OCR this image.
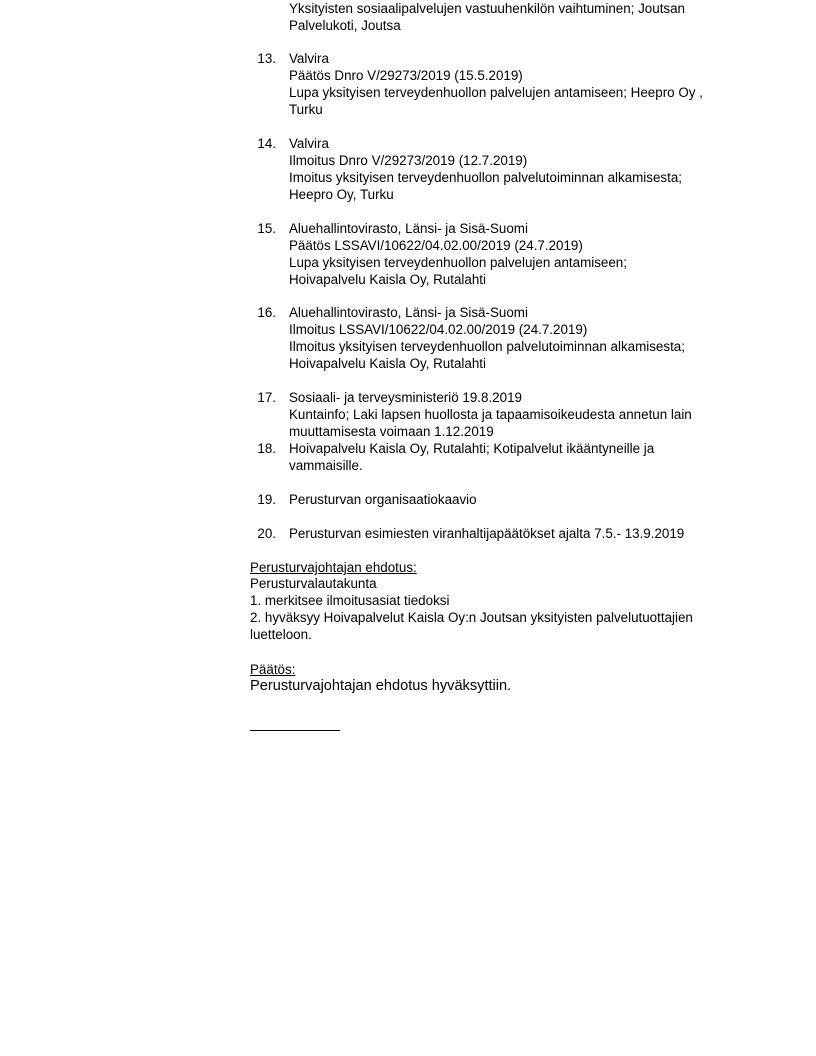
Yksityisten sosiaalipalvelujen vastuuhenkilön vaihtuminen; Joutsan
Palvelukoti, Joutsa
13. Valvira
Päätös Dnro V/29273/2019 (15.5.2019)
Lupa yksityisen terveydenhuollon palvelujen antamiseen; Heepro Oy ,
Turku
14. Valvira
Ilmoitus Dnro V/29273/2019 (12.7.2019)
Imoitus yksityisen terveydenhuollon palvelutoiminnan alkamisesta;
Heepro Oy, Turku
15. Aluehallintovirasto, Länsi- ja Sisä-Suomi
Päätös LSSAVI/10622/04.02.00/2019 (24.7.2019)
Lupa yksityisen terveydenhuollon palvelujen antamiseen;
Hoivapalvelu Kaisla Oy, Rutalahti
16. Aluehallintovirasto, Länsi- ja Sisä-Suomi
Ilmoitus LSSAVI/10622/04.02.00/2019 (24.7.2019)
Ilmoitus yksityisen terveydenhuollon palvelutoiminnan alkamisesta;
Hoivapalvelu Kaisla Oy, Rutalahti
17. Sosiaali- ja terveysministeriö 19.8.2019
Kuntainfo; Laki lapsen huollosta ja tapaamisoikeudesta annetun lain
muuttamisesta voimaan 1.12.2019
18. Hoivapalvelu Kaisla Oy, Rutalahti; Kotipalvelut ikääntyneille ja
vammaisille.
19. Perusturvan organisaatiokaavio
20. Perusturvan esimiesten viranhaltijapäätökset ajalta 7.5.- 13.9.2019
Perusturvajohtajan ehdotus:
Perusturvalautakunta
1. merkitsee ilmoitusasiat tiedoksi
2. hyväksyy Hoivapalvelut Kaisla Oy:n Joutsan yksityisten palvelutuottajien
luetteloon.
Päätös:
Perusturvajohtajan ehdotus hyväksyttiin.
